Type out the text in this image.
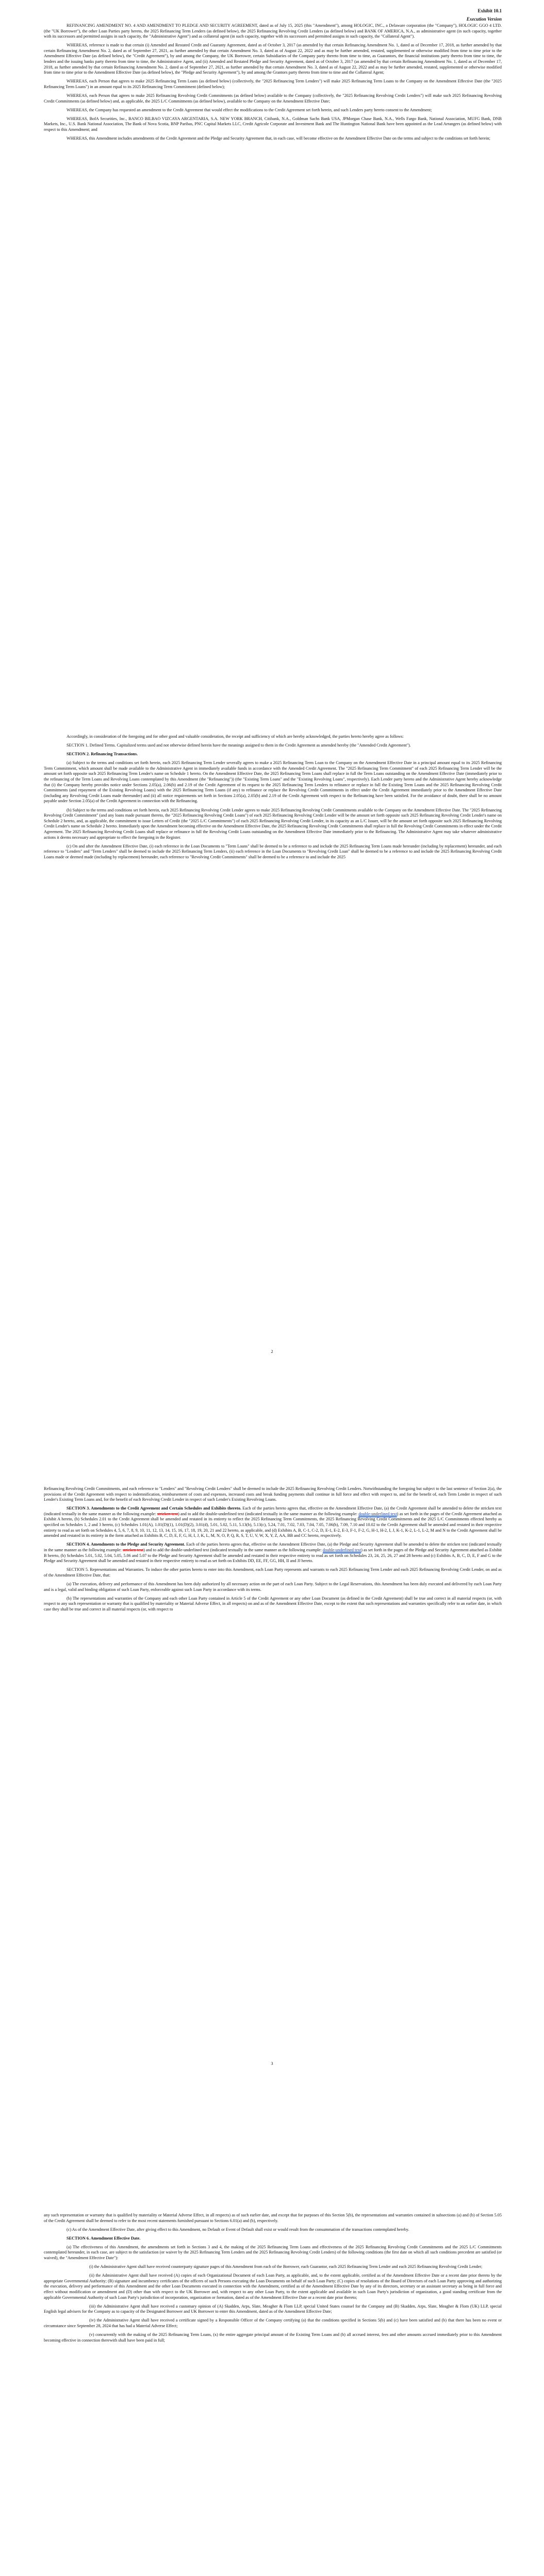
Exhibit 10.1
Execution Version

REFINANCING AMENDMENT NO. 4 AND AMENDMENT TO PLEDGE AND SECURITY AGREEMENT, dated as of July 15, 2025 (this "Amendment"), among HOLOGIC, INC., a Delaware corporation (the "Company"), HOLOGIC GGO 4 LTD. (the "UK Borrower"), the other Loan Parties party hereto, the 2025 Refinancing Term Lenders (as defined below), the 2025 Refinancing Revolving Credit Lenders (as defined below) and BANK OF AMERICA, N.A., as administrative agent (in such capacity, together with its successors and permitted assigns in such capacity, the "Administrative Agent") and as collateral agent (in such capacity, together with its successors and permitted assigns in such capacity, the "Collateral Agent").

WHEREAS, reference is made to that certain (i) Amended and Restated Credit and Guaranty Agreement, dated as of October 3, 2017 (as amended by that certain Refinancing Amendment No. 1, dated as of December 17, 2018, as further amended by that certain Refinancing Amendment No. 2, dated as of September 27, 2021, as further amended by that certain Amendment No. 3, dated as of August 22, 2022 and as may be further amended, restated, supplemented or otherwise modified from time to time prior to the Amendment Effective Date (as defined below), the "Credit Agreement"), by and among the Company, the UK Borrower, certain Subsidiaries of the Company party thereto from time to time, as Guarantors, the financial institutions party thereto from time to time, the lenders and the issuing banks party thereto from time to time, the Administrative Agent, and (ii) Amended and Restated Pledge and Security Agreement, dated as of October 3, 2017 (as amended by that certain Refinancing Amendment No. 1, dated as of December 17, 2018, as further amended by that certain Refinancing Amendment No. 2, dated as of September 27, 2021, as further amended by that certain Amendment No. 3, dated as of August 22, 2022 and as may be further amended, restated, supplemented or otherwise modified from time to time prior to the Amendment Effective Date (as defined below), the "Pledge and Security Agreement"), by and among the Grantors party thereto from time to time and the Collateral Agent;

WHEREAS, each Person that agrees to make 2025 Refinancing Term Loans (as defined below) (collectively, the "2025 Refinancing Term Lenders") will make 2025 Refinancing Term Loans to the Company on the Amendment Effective Date (the "2025 Refinancing Term Loans") in an amount equal to its 2025 Refinancing Term Commitment (defined below);

WHEREAS, each Person that agrees to make 2025 Refinancing Revolving Credit Commitments (as defined below) available to the Company (collectively, the "2025 Refinancing Revolving Credit Lenders") will make such 2025 Refinancing Revolving Credit Commitments (as defined below) and, as applicable, the 2025 L/C Commitments (as defined below), available to the Company on the Amendment Effective Date;

WHEREAS, the Company has requested an amendment to the Credit Agreement that would effect the modifications to the Credit Agreement set forth herein, and such Lenders party hereto consent to the Amendment;

WHEREAS, BofA Securities, Inc., BANCO BILBAO VIZCAYA ARGENTARIA, S.A. NEW YORK BRANCH, Citibank, N.A., Goldman Sachs Bank USA, JPMorgan Chase Bank, N.A., Wells Fargo Bank, National Association, MUFG Bank, DNB Markets, Inc., U.S. Bank National Association, The Bank of Nova Scotia, BNP Paribas, PNC Capital Markets LLC, Credit Agricole Corporate and Investment Bank and The Huntington National Bank have been appointed as the Lead Arrangers (as defined below) with respect to this Amendment; and

WHEREAS, this Amendment includes amendments of the Credit Agreement and the Pledge and Security Agreement that, in each case, will become effective on the Amendment Effective Date on the terms and subject to the conditions set forth herein;

Accordingly, in consideration of the foregoing and for other good and valuable consideration, the receipt and sufficiency of which are hereby acknowledged, the parties hereto hereby agree as follows:

SECTION 1. Defined Terms. Capitalized terms used and not otherwise defined herein have the meanings assigned to them in the Credit Agreement as amended hereby (the "Amended Credit Agreement").

SECTION 2. Refinancing Transactions.

(a) Subject to the terms and conditions set forth herein, each 2025 Refinancing Term Lender severally agrees to make a 2025 Refinancing Term Loan to the Company on the Amendment Effective Date in a principal amount equal to its 2025 Refinancing Term Commitment, which amount shall be made available to the Administrative Agent in immediately available funds in accordance with the Amended Credit Agreement. The "2025 Refinancing Term Commitment" of each 2025 Refinancing Term Lender will be the amount set forth opposite such 2025 Refinancing Term Lender's name on Schedule 1 hereto. On the Amendment Effective Date, the 2025 Refinancing Term Loans shall replace in full the Term Loans outstanding on the Amendment Effective Date (immediately prior to the refinancing of the Term Loans and Revolving Loans contemplated by this Amendment (the "Refinancing")) (the "Existing Term Loans" and the "Existing Revolving Loans", respectively). Each Lender party hereto and the Administrative Agent hereby acknowledge that (i) the Company hereby provides notice under Sections 2.05(a), 2.06(b) and 2.19 of the Credit Agreement of its request to the 2025 Refinancing Term Lenders to refinance or replace in full the Existing Term Loans and the 2025 Refinancing Revolving Credit Commitments (and repayment of the Existing Revolving Loans) with the 2025 Refinancing Term Loans (if any) to refinance or replace the Revolving Credit Commitments in effect under the Credit Agreement immediately prior to the Amendment Effective Date (including any Revolving Credit Loans made thereunder) and (ii) all notice requirements set forth in Sections 2.05(a), 2.05(b) and 2.19 of the Credit Agreement with respect to the Refinancing have been satisfied. For the avoidance of doubt, there shall be no amount payable under Section 2.05(a) of the Credit Agreement in connection with the Refinancing.

(b) Subject to the terms and conditions set forth herein, each 2025 Refinancing Revolving Credit Lender agrees to make 2025 Refinancing Revolving Credit Commitments available to the Company on the Amendment Effective Date. The "2025 Refinancing Revolving Credit Commitment" (and any loans made pursuant thereto, the "2025 Refinancing Revolving Credit Loans") of each 2025 Refinancing Revolving Credit Lender will be the amount set forth opposite such 2025 Refinancing Revolving Credit Lender's name on Schedule 2 hereto, and, as applicable, the commitment to issue Letters of Credit (the "2025 L/C Commitments") of each 2025 Refinancing Revolving Credit Lender, in its capacity as an L/C Issuer, will be the amount set forth opposite such 2025 Refinancing Revolving Credit Lender's name on Schedule 2 hereto. Immediately upon the Amendment becoming effective on the Amendment Effective Date, the 2025 Refinancing Revolving Credit Commitments shall replace in full the Revolving Credit Commitments in effect under the Credit Agreement. The 2025 Refinancing Revolving Credit Loans shall replace or refinance in full the Revolving Credit Loans outstanding on the Amendment Effective Date immediately prior to the Refinancing. The Administrative Agent may take whatever administrative actions it deems necessary and appropriate to effect the foregoing in the Register.

(c) On and after the Amendment Effective Date, (i) each reference in the Loan Documents to "Term Loans" shall be deemed to be a reference to and include the 2025 Refinancing Term Loans made hereunder (including by replacement) hereunder, and each reference to "Lenders" and "Term Lenders" shall be deemed to include the 2025 Refinancing Term Lenders, (ii) each reference in the Loan Documents to "Revolving Credit Loan" shall be deemed to be a reference to and include the 2025 Refinancing Revolving Credit Loans made or deemed made (including by replacement) hereunder, each reference to "Revolving Credit Commitments" shall be deemed to be a reference to and include the 2025

2

Refinancing Revolving Credit Commitments, and each reference to "Lenders" and "Revolving Credit Lenders" shall be deemed to include the 2025 Refinancing Revolving Credit Lenders. Notwithstanding the foregoing but subject to the last sentence of Section 2(a), the provisions of the Credit Agreement with respect to indemnification, reimbursement of costs and expenses, increased costs and break funding payments shall continue in full force and effect with respect to, and for the benefit of, each Term Lender in respect of such Lender's Existing Term Loans and, for the benefit of each Revolving Credit Lender in respect of such Lender's Existing Revolving Loans.

SECTION 3. Amendments to the Credit Agreement and Certain Schedules and Exhibits thereto. Each of the parties hereto agrees that, effective on the Amendment Effective Date, (a) the Credit Agreement shall be amended to delete the stricken text (indicated textually in the same manner as the following example: stricken text) and to add the double-underlined text (indicated textually in the same manner as the following example: double-underlined text) as set forth in the pages of the Credit Agreement attached as Exhibit A hereto, (b) Schedules 2.01 to the Credit Agreement shall be amended and restated in its entirety to reflect the 2025 Refinancing Term Commitments, the 2025 Refinancing Revolving Credit Commitments and the 2025 L/C Commitments effected hereby as specified on Schedules 1, 2 and 3 hereto, (c) Schedules 1.01(A), 1.01(D)(1), 1.01(D)(2), 3.01(d), 5.01, 5.02, 5.11, 5.13(b), 5.13(c), 5.24, 7.01, 7.02, 7.03, 7.04, 7.05, 7.06(h), 7.09, 7.10 and 10.02 to the Credit Agreement shall be amended and restated in their respective entirety to read as set forth on Schedules 4, 5, 6, 7, 8, 9, 10, 11, 12, 13, 14, 15, 16, 17, 18, 19, 20, 21 and 22 hereto, as applicable, and (d) Exhibits A, B, C-1, C-2, D, E-1, E-2, E-3, F-1, F-2, G, H-1, H-2, I, J, K-1, K-2, L-1, L-2, M and N to the Credit Agreement shall be amended and restated in its entirety in the form attached as Exhibits B, C, D, E, F, G, H, I, J, K, L, M, N, O, P, Q, R, S, T, U, V, W, X, Y, Z, AA, BB and CC hereto, respectively.

SECTION 4. Amendments to the Pledge and Security Agreement. Each of the parties hereto agrees that, effective on the Amendment Effective Date, (a) the Pledge and Security Agreement shall be amended to delete the stricken text (indicated textually in the same manner as the following example: stricken text) and to add the double-underlined text (indicated textually in the same manner as the following example: double-underlined text) as set forth in the pages of the Pledge and Security Agreement attached as Exhibit B hereto, (b) Schedules 5.01, 5.02, 5.04, 5.05, 5.06 and 5.07 to the Pledge and Security Agreement shall be amended and restated in their respective entirety to read as set forth on Schedules 23, 24, 25, 26, 27 and 28 hereto and (c) Exhibits A, B, C, D, E, F and G to the Pledge and Security Agreement shall be amended and restated in their respective entirety to read as set forth on Exhibits DD, EE, FF, GG, HH, II and JJ hereto.

SECTION 5. Representations and Warranties. To induce the other parties hereto to enter into this Amendment, each Loan Party represents and warrants to each 2025 Refinancing Term Lender and each 2025 Refinancing Revolving Credit Lender, on and as of the Amendment Effective Date, that:

(a) The execution, delivery and performance of this Amendment has been duly authorized by all necessary action on the part of each Loan Party. Subject to the Legal Reservations, this Amendment has been duly executed and delivered by each Loan Party and is a legal, valid and binding obligation of such Loan Party, enforceable against such Loan Party in accordance with its terms.

(b) The representations and warranties of the Company and each other Loan Party contained in Article 5 of the Credit Agreement or any other Loan Document (as defined in the Credit Agreement) shall be true and correct in all material respects (or, with respect to any such representation or warranty that is qualified by materiality or Material Adverse Effect, in all respects) on and as of the Amendment Effective Date, except to the extent that such representations and warranties specifically refer to an earlier date, in which case they shall be true and correct in all material respects (or, with respect to

3

any such representation or warranty that is qualified by materiality or Material Adverse Effect, in all respects) as of such earlier date, and except that for purposes of this Section 5(b), the representations and warranties contained in subsections (a) and (b) of Section 5.05 of the Credit Agreement shall be deemed to refer to the most recent statements furnished pursuant to Sections 6.01(a) and (b), respectively.

(c) As of the Amendment Effective Date, after giving effect to this Amendment, no Default or Event of Default shall exist or would result from the consummation of the transactions contemplated hereby.

SECTION 6. Amendment Effective Date.

(a) The effectiveness of this Amendment, the amendments set forth in Sections 3 and 4, the making of the 2025 Refinancing Term Loans and effectiveness of the 2025 Refinancing Revolving Credit Commitments and the 2025 L/C Commitments contemplated hereunder, in each case, are subject to the satisfaction (or waiver by the 2025 Refinancing Term Lenders and the 2025 Refinancing Revolving Credit Lenders) of the following conditions (the first date on which all such conditions precedent are satisfied (or waived), the "Amendment Effective Date"):

(i) the Administrative Agent shall have received counterparty signature pages of this Amendment from each of the Borrower, each Guarantor, each 2025 Refinancing Term Lender and each 2025 Refinancing Revolving Credit Lender;

(ii) the Administrative Agent shall have received (A) copies of each Organizational Document of each Loan Party, as applicable, and, to the extent applicable, certified as of the Amendment Effective Date or a recent date prior thereto by the appropriate Governmental Authority; (B) signature and incumbency certificates of the officers of such Persons executing the Loan Documents on behalf of such Loan Party; (C) copies of resolutions of the Board of Directors of each Loan Party approving and authorizing the execution, delivery and performance of this Amendment and the other Loan Documents executed in connection with the Amendment, certified as of the Amendment Effective Date by any of its directors, secretary or an assistant secretary as being in full force and effect without modification or amendment and (D) other than with respect to the UK Borrower and, with respect to any other Loan Party, to the extent applicable and available in such Loan Party's jurisdiction of organization, a good standing certificate from the applicable Governmental Authority of such Loan Party's jurisdiction of incorporation, organization or formation, dated as of the Amendment Effective Date or a recent date prior thereto;

(iii) the Administrative Agent shall have received a customary opinion of (A) Skadden, Arps, Slate, Meagher & Flom LLP, special United States counsel for the Company and (B) Skadden, Arps, Slate, Meagher & Flom (UK) LLP, special English legal advisers for the Company as to capacity of the Designated Borrower and UK Borrower to enter this Amendment, dated as of the Amendment Effective Date;

(iv) the Administrative Agent shall have received a certificate signed by a Responsible Officer of the Company certifying (a) that the conditions specified in Sections 5(b) and (c) have been satisfied and (b) that there has been no event or circumstance since September 28, 2024 that has had a Material Adverse Effect;

(v) concurrently with the making of the 2025 Refinancing Term Loans, (x) the entire aggregate principal amount of the Existing Term Loans and (b) all accrued interest, fees and other amounts accrued immediately prior to this Amendment becoming effective in connection therewith shall have been paid in full;
